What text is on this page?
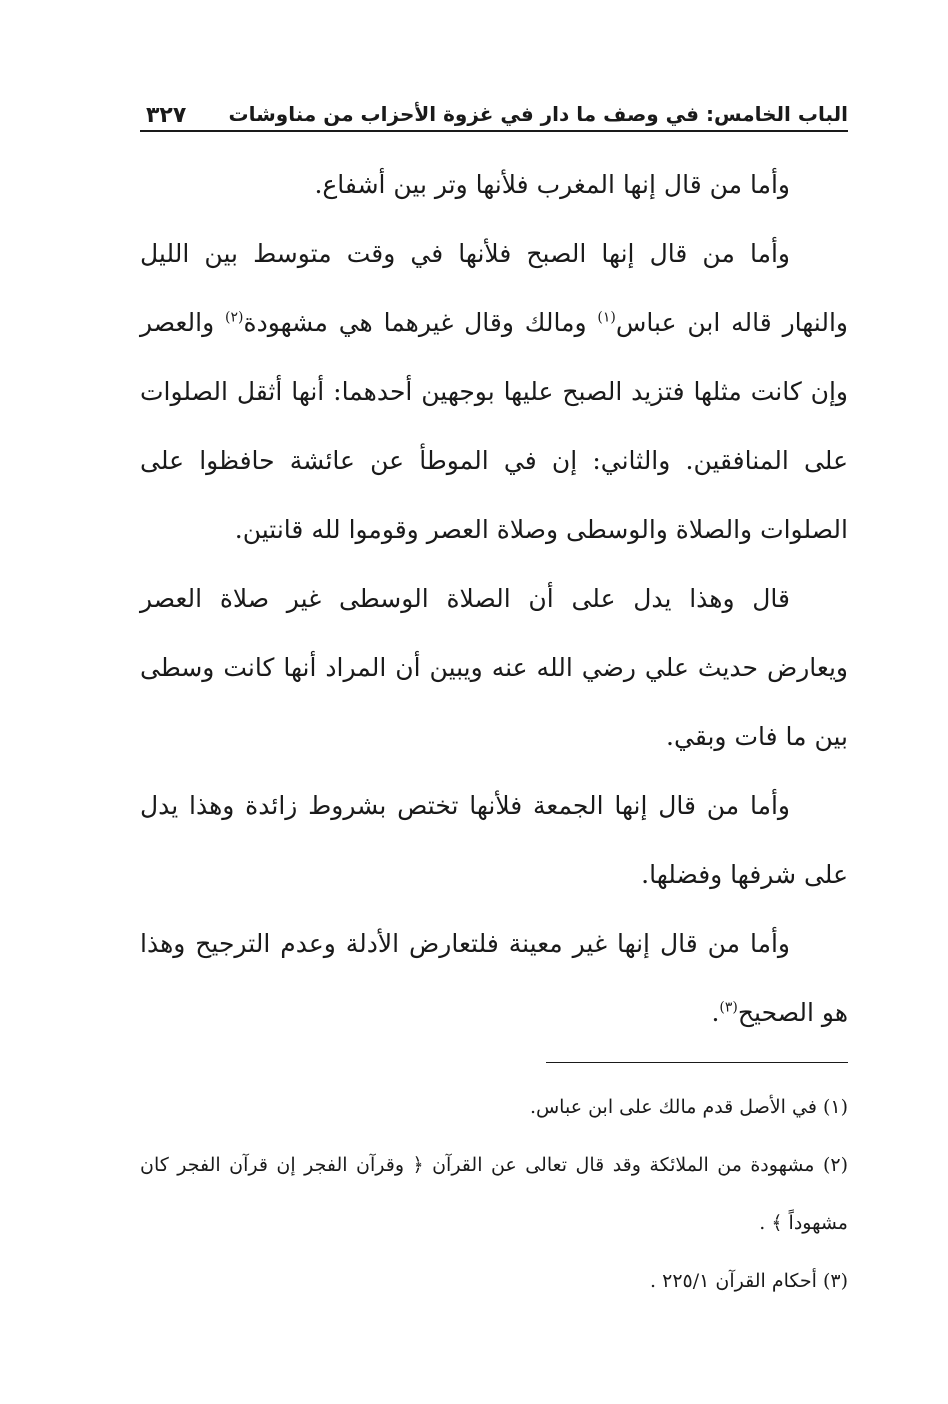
الباب الخامس: في وصف ما دار في غزوة الأحزاب من مناوشات
٣٢٧

وأما من قال إنها المغرب فلأنها وتر بين أشفاع.

وأما من قال إنها الصبح فلأنها في وقت متوسط بين الليل والنهار قاله ابن عباس$^{(١)}$ ومالك وقال غيرهما هي مشهودة$^{(٢)}$ والعصر وإن كانت مثلها فتزيد الصبح عليها بوجهين أحدهما: أنها أثقل الصلوات على المنافقين. والثاني: إن في الموطأ عن عائشة حافظوا على الصلوات والصلاة والوسطى وصلاة العصر وقوموا لله قانتين.

قال وهذا يدل على أن الصلاة الوسطى غير صلاة العصر ويعارض حديث علي رضي الله عنه ويبين أن المراد أنها كانت وسطى بين ما فات وبقي.

وأما من قال إنها الجمعة فلأنها تختص بشروط زائدة وهذا يدل على شرفها وفضلها.

وأما من قال إنها غير معينة فلتعارض الأدلة وعدم الترجيح وهذا هو الصحيح$^{(٣)}$.

(١) في الأصل قدم مالك على ابن عباس.

(٢) مشهودة من الملائكة وقد قال تعالى عن القرآن ﴿ وقرآن الفجر إن قرآن الفجر كان مشهوداً ﴾ .

(٣) أحكام القرآن ٢٢٥/١ .
